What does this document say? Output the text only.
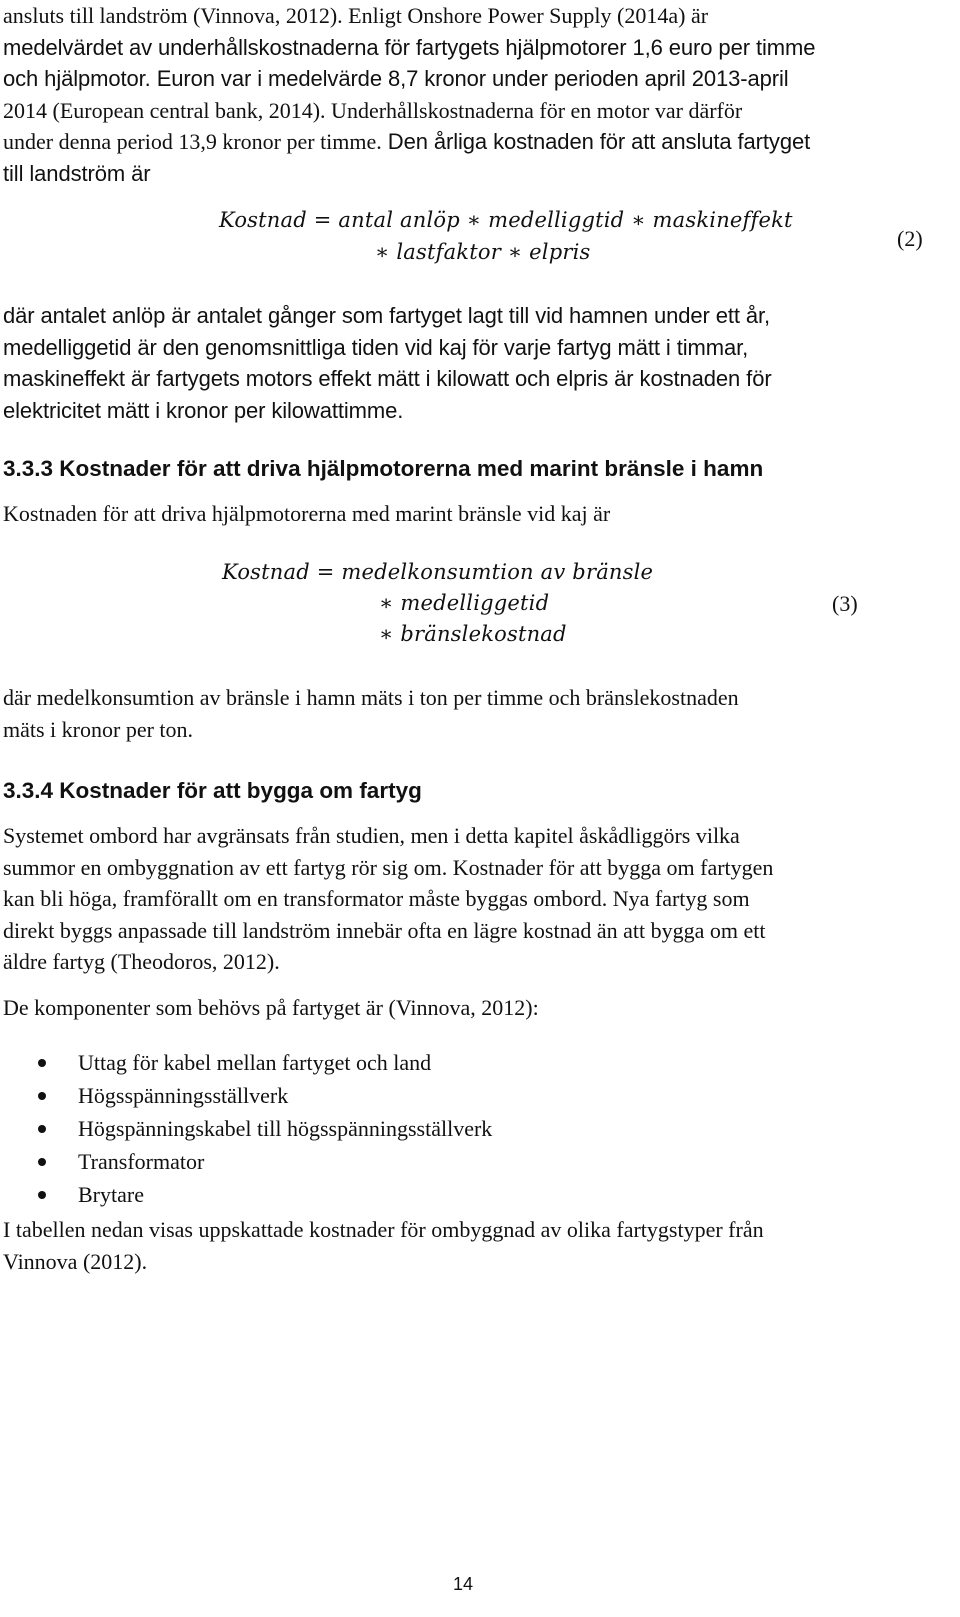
ansluts till landström (Vinnova, 2012). Enligt Onshore Power Supply (2014a) är
medelvärdet av underhållskostnaderna för fartygets hjälpmotorer 1,6 euro per timme
och hjälpmotor. Euron var i medelvärde 8,7 kronor under perioden april 2013-april
2014 (European central bank, 2014). Underhållskostnaderna för en motor var därför
under denna period 13,9 kronor per timme. Den årliga kostnaden för att ansluta fartyget
till landström är
Kostnad = antal anlöp ∗ medelliggtid ∗ maskineffekt
∗ lastfaktor ∗ elpris
(2)
där antalet anlöp är antalet gånger som fartyget lagt till vid hamnen under ett år,
medelliggetid är den genomsnittliga tiden vid kaj för varje fartyg mätt i timmar,
maskineffekt är fartygets motors effekt mätt i kilowatt och elpris är kostnaden för
elektricitet mätt i kronor per kilowattimme.
3.3.3 Kostnader för att driva hjälpmotorerna med marint bränsle i hamn
Kostnaden för att driva hjälpmotorerna med marint bränsle vid kaj är
Kostnad = medelkonsumtion av bränsle
∗ medelliggetid
∗ bränslekostnad
(3)
där medelkonsumtion av bränsle i hamn mäts i ton per timme och bränslekostnaden
mäts i kronor per ton.
3.3.4 Kostnader för att bygga om fartyg
Systemet ombord har avgränsats från studien, men i detta kapitel åskådliggörs vilka
summor en ombyggnation av ett fartyg rör sig om. Kostnader för att bygga om fartygen
kan bli höga, framförallt om en transformator måste byggas ombord. Nya fartyg som
direkt byggs anpassade till landström innebär ofta en lägre kostnad än att bygga om ett
äldre fartyg (Theodoros, 2012).
De komponenter som behövs på fartyget är (Vinnova, 2012):
Uttag för kabel mellan fartyget och land
Högsspänningsställverk
Högspänningskabel till högsspänningsställverk
Transformator
Brytare
I tabellen nedan visas uppskattade kostnader för ombyggnad av olika fartygstyper från
Vinnova (2012).
14
